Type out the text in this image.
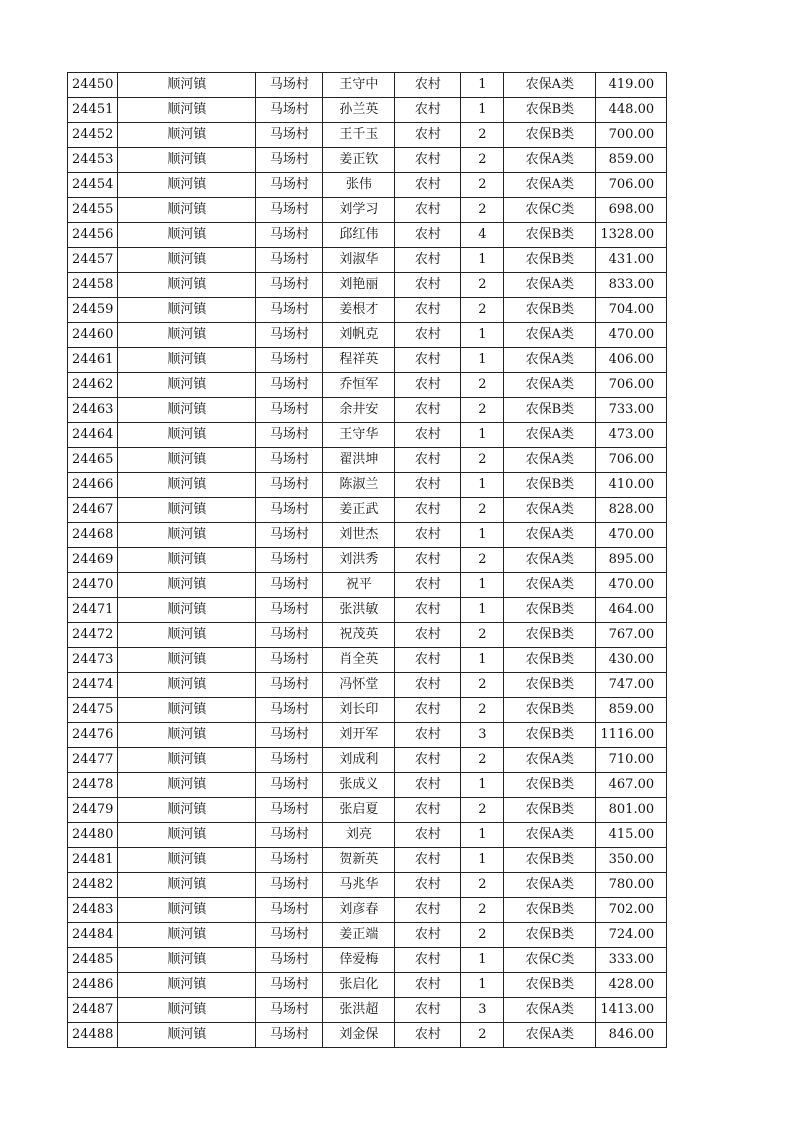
24450	顺河镇	马场村	王守中	农村	1	农保A类	419.00
24451	顺河镇	马场村	孙兰英	农村	1	农保B类	448.00
24452	顺河镇	马场村	王千玉	农村	2	农保B类	700.00
24453	顺河镇	马场村	姜正钦	农村	2	农保A类	859.00
24454	顺河镇	马场村	张伟	农村	2	农保A类	706.00
24455	顺河镇	马场村	刘学习	农村	2	农保C类	698.00
24456	顺河镇	马场村	邱红伟	农村	4	农保B类	1328.00
24457	顺河镇	马场村	刘淑华	农村	1	农保B类	431.00
24458	顺河镇	马场村	刘艳丽	农村	2	农保A类	833.00
24459	顺河镇	马场村	姜根才	农村	2	农保B类	704.00
24460	顺河镇	马场村	刘帆克	农村	1	农保A类	470.00
24461	顺河镇	马场村	程祥英	农村	1	农保A类	406.00
24462	顺河镇	马场村	乔恒军	农村	2	农保A类	706.00
24463	顺河镇	马场村	余井安	农村	2	农保B类	733.00
24464	顺河镇	马场村	王守华	农村	1	农保A类	473.00
24465	顺河镇	马场村	翟洪坤	农村	2	农保A类	706.00
24466	顺河镇	马场村	陈淑兰	农村	1	农保B类	410.00
24467	顺河镇	马场村	姜正武	农村	2	农保A类	828.00
24468	顺河镇	马场村	刘世杰	农村	1	农保A类	470.00
24469	顺河镇	马场村	刘洪秀	农村	2	农保A类	895.00
24470	顺河镇	马场村	祝平	农村	1	农保A类	470.00
24471	顺河镇	马场村	张洪敏	农村	1	农保B类	464.00
24472	顺河镇	马场村	祝茂英	农村	2	农保B类	767.00
24473	顺河镇	马场村	肖全英	农村	1	农保B类	430.00
24474	顺河镇	马场村	冯怀堂	农村	2	农保B类	747.00
24475	顺河镇	马场村	刘长印	农村	2	农保B类	859.00
24476	顺河镇	马场村	刘开军	农村	3	农保B类	1116.00
24477	顺河镇	马场村	刘成利	农村	2	农保A类	710.00
24478	顺河镇	马场村	张成义	农村	1	农保B类	467.00
24479	顺河镇	马场村	张启夏	农村	2	农保B类	801.00
24480	顺河镇	马场村	刘亮	农村	1	农保A类	415.00
24481	顺河镇	马场村	贺新英	农村	1	农保B类	350.00
24482	顺河镇	马场村	马兆华	农村	2	农保A类	780.00
24483	顺河镇	马场村	刘彦春	农村	2	农保B类	702.00
24484	顺河镇	马场村	姜正端	农村	2	农保B类	724.00
24485	顺河镇	马场村	倖爱梅	农村	1	农保C类	333.00
24486	顺河镇	马场村	张启化	农村	1	农保B类	428.00
24487	顺河镇	马场村	张洪超	农村	3	农保A类	1413.00
24488	顺河镇	马场村	刘金保	农村	2	农保A类	846.00
